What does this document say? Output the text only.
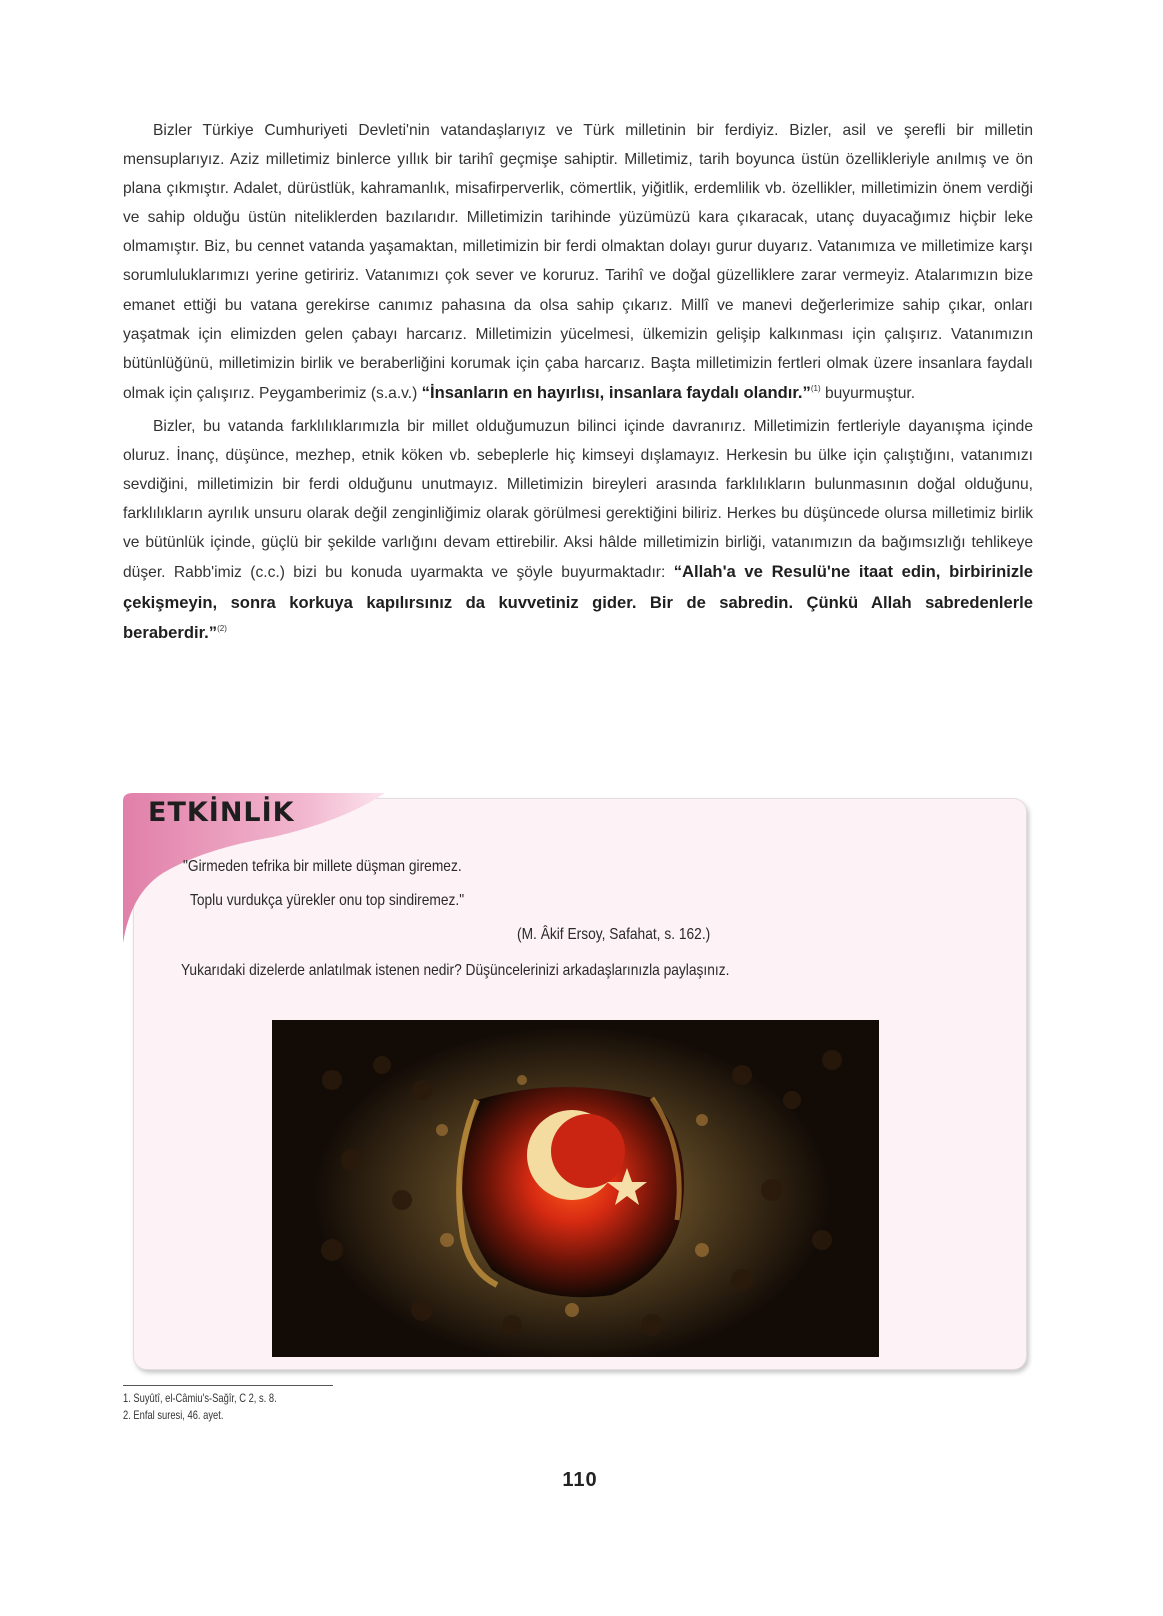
Bizler Türkiye Cumhuriyeti Devleti'nin vatandaşlarıyız ve Türk milletinin bir ferdiyiz. Bizler, asil ve şerefli bir milletin mensuplarıyız. Aziz milletimiz binlerce yıllık bir tarihî geçmişe sahiptir. Milletimiz, tarih boyunca üstün özellikleriyle anılmış ve ön plana çıkmıştır. Adalet, dürüstlük, kahramanlık, misafirperverlik, cömertlik, yiğitlik, erdemlilik vb. özellikler, milletimizin önem verdiği ve sahip olduğu üstün niteliklerden bazılarıdır. Milletimizin tarihinde yüzümüzü kara çıkaracak, utanç duyacağımız hiçbir leke olmamıştır. Biz, bu cennet vatanda yaşamaktan, milletimizin bir ferdi olmaktan dolayı gurur duyarız. Vatanımıza ve milletimize karşı sorumluluklarımızı yerine getiririz. Vatanımızı çok sever ve koruruz. Tarihî ve doğal güzelliklere zarar vermeyiz. Atalarımızın bize emanet ettiği bu vatana gerekirse canımız pahasına da olsa sahip çıkarız. Millî ve manevi değerlerimize sahip çıkar, onları yaşatmak için elimizden gelen çabayı harcarız. Milletimizin yücelmesi, ülkemizin gelişip kalkınması için çalışırız. Vatanımızın bütünlüğünü, milletimizin birlik ve beraberliğini korumak için çaba harcarız. Başta milletimizin fertleri olmak üzere insanlara faydalı olmak için çalışırız. Peygamberimiz (s.a.v.) “İnsanların en hayırlısı, insanlara faydalı olandır.”$^{(1)}$ buyurmuştur.

Bizler, bu vatanda farklılıklarımızla bir millet olduğumuzun bilinci içinde davranırız. Milletimizin fertleriyle dayanışma içinde oluruz. İnanç, düşünce, mezhep, etnik köken vb. sebeplerle hiç kimseyi dışlamayız. Herkesin bu ülke için çalıştığını, vatanımızı sevdiğini, milletimizin bir ferdi olduğunu unutmayız. Milletimizin bireyleri arasında farklılıkların bulunmasının doğal olduğunu, farklılıkların ayrılık unsuru olarak değil zenginliğimiz olarak görülmesi gerektiğini biliriz. Herkes bu düşüncede olursa milletimiz birlik ve bütünlük içinde, güçlü bir şekilde varlığını devam ettirebilir. Aksi hâlde milletimizin birliği, vatanımızın da bağımsızlığı tehlikeye düşer. Rabb'imiz (c.c.) bizi bu konuda uyarmakta ve şöyle buyurmaktadır: “Allah'a ve Resulü'ne itaat edin, birbirinizle çekişmeyin, sonra korkuya kapılırsınız da kuvvetiniz gider. Bir de sabredin. Çünkü Allah sabredenlerle beraberdir.”$^{(2)}$

ETKİNLİK
"Girmeden tefrika bir millete düşman giremez.
Toplu vurdukça yürekler onu top sindiremez."
(M. Âkif Ersoy, Safahat, s. 162.)
Yukarıdaki dizelerde anlatılmak istenen nedir? Düşüncelerinizi arkadaşlarınızla paylaşınız.
1. Suyûtî, el-Câmiu's-Sağîr, C 2, s. 8.
2. Enfal suresi, 46. ayet.
110
